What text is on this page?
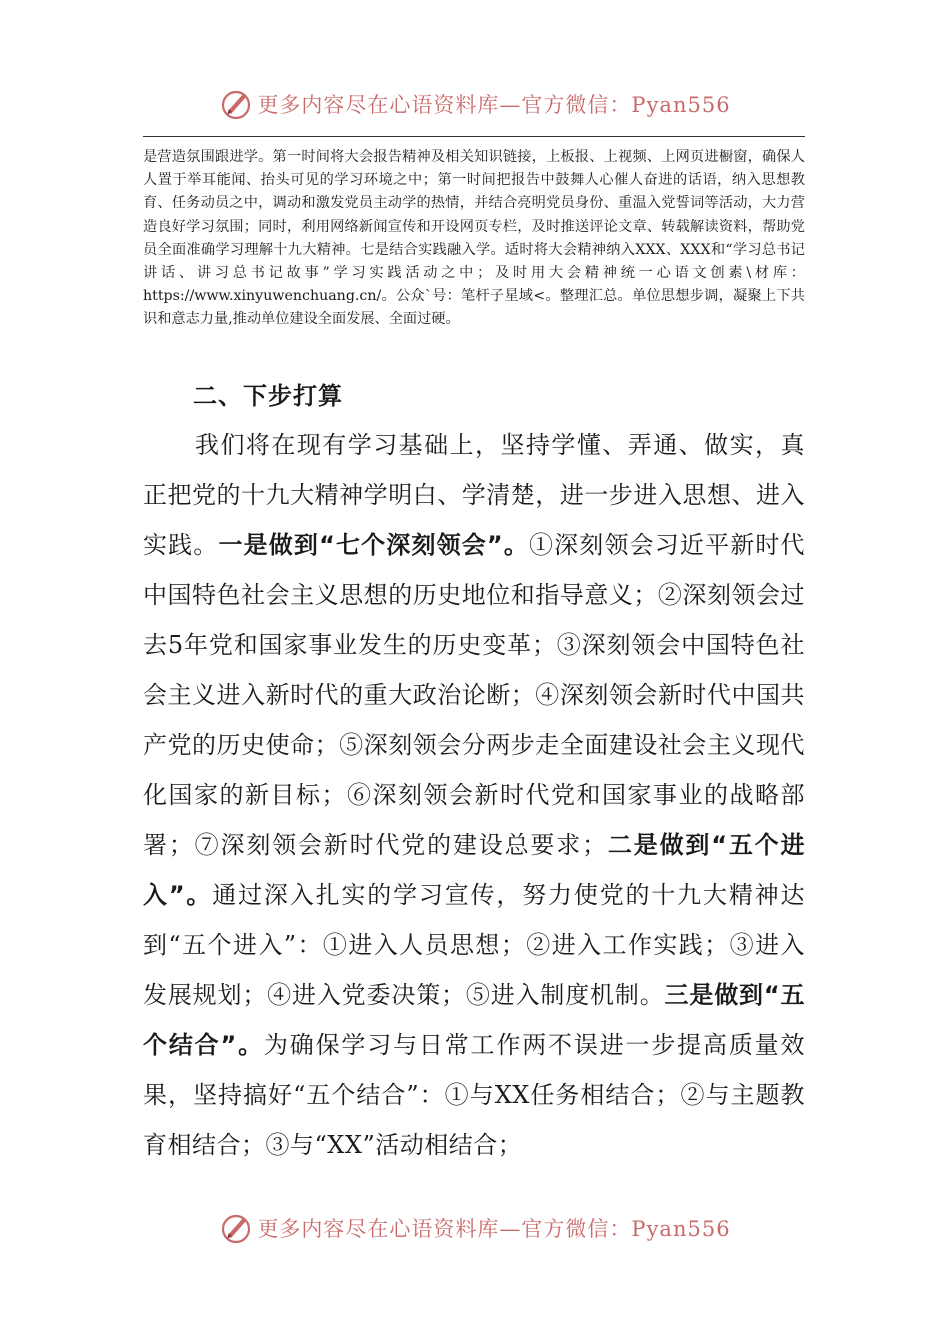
更多内容尽在心语资料库—官方微信：Pyan556

是营造氛围跟进学。第一时间将大会报告精神及相关知识链接，上板报、上视频、上网页进橱窗，确保人人置于举耳能闻、抬头可见的学习环境之中；第一时间把报告中鼓舞人心催人奋进的话语，纳入思想教育、任务动员之中，调动和激发党员主动学的热情，并结合亮明党员身份、重温入党誓词等活动，大力营造良好学习氛围；同时，利用网络新闻宣传和开设网页专栏，及时推送评论文章、转载解读资料，帮助党员全面准确学习理解十九大精神。七是结合实践融入学。适时将大会精神纳入XXX、XXX和“学习总书记讲话、讲习总书记故事”学习实践活动之中；及时用大会精神统一心语文创素\材库：https://www.xinyuwenchuang.cn/。公众`号：笔杆子星域<。整理汇总。单位思想步调，凝聚上下共识和意志力量,推动单位建设全面发展、全面过硬。

二、下步打算

我们将在现有学习基础上，坚持学懂、弄通、做实，真正把党的十九大精神学明白、学清楚，进一步进入思想、进入实践。一是做到“七个深刻领会”。①深刻领会习近平新时代中国特色社会主义思想的历史地位和指导意义；②深刻领会过去5年党和国家事业发生的历史变革；③深刻领会中国特色社会主义进入新时代的重大政治论断；④深刻领会新时代中国共产党的历史使命；⑤深刻领会分两步走全面建设社会主义现代化国家的新目标；⑥深刻领会新时代党和国家事业的战略部署；⑦深刻领会新时代党的建设总要求；二是做到“五个进入”。通过深入扎实的学习宣传，努力使党的十九大精神达到“五个进入”：①进入人员思想；②进入工作实践；③进入发展规划；④进入党委决策；⑤进入制度机制。三是做到“五个结合”。为确保学习与日常工作两不误进一步提高质量效果，坚持搞好“五个结合”：①与XX任务相结合；②与主题教育相结合；③与“XX”活动相结合；

更多内容尽在心语资料库—官方微信：Pyan556
